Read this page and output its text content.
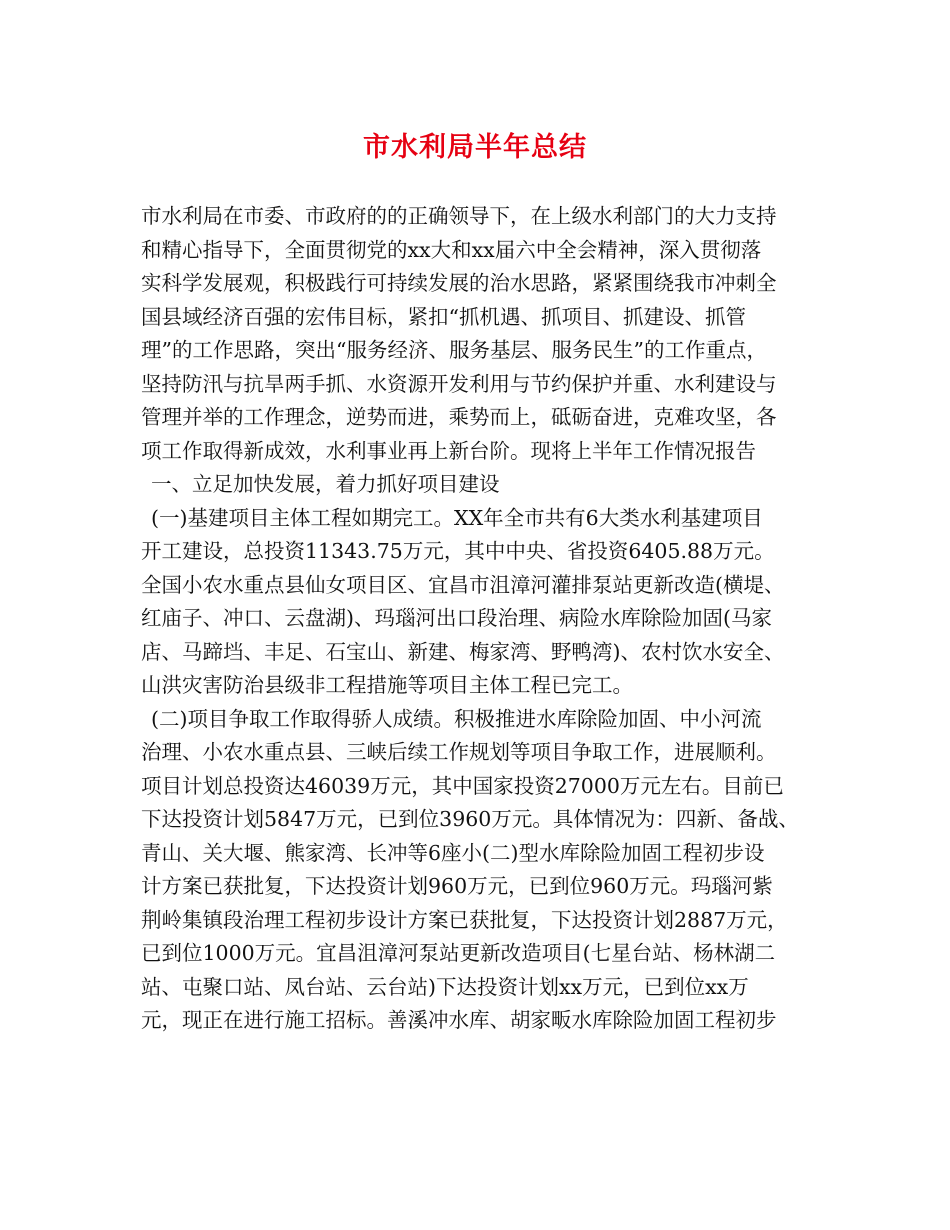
市水利局半年总结
市水利局在市委、市政府的的正确领导下，在上级水利部门的大力支持
和精心指导下，全面贯彻党的xx大和xx届六中全会精神，深入贯彻落
实科学发展观，积极践行可持续发展的治水思路，紧紧围绕我市冲刺全
国县域经济百强的宏伟目标，紧扣“抓机遇、抓项目、抓建设、抓管
理”的工作思路，突出“服务经济、服务基层、服务民生”的工作重点，
坚持防汛与抗旱两手抓、水资源开发利用与节约保护并重、水利建设与
管理并举的工作理念，逆势而进，乘势而上，砥砺奋进，克难攻坚，各
项工作取得新成效，水利事业再上新台阶。现将上半年工作情况报告
一、立足加快发展，着力抓好项目建设
(一)基建项目主体工程如期完工。XX年全市共有6大类水利基建项目
开工建设，总投资11343.75万元，其中中央、省投资6405.88万元。
全国小农水重点县仙女项目区、宜昌市沮漳河灌排泵站更新改造(横堤、
红庙子、冲口、云盘湖)、玛瑙河出口段治理、病险水库除险加固(马家
店、马蹄垱、丰足、石宝山、新建、梅家湾、野鸭湾)、农村饮水安全、
山洪灾害防治县级非工程措施等项目主体工程已完工。
(二)项目争取工作取得骄人成绩。积极推进水库除险加固、中小河流
治理、小农水重点县、三峡后续工作规划等项目争取工作，进展顺利。
项目计划总投资达46039万元，其中国家投资27000万元左右。目前已
下达投资计划5847万元，已到位3960万元。具体情况为：四新、备战、
青山、关大堰、熊家湾、长冲等6座小(二)型水库除险加固工程初步设
计方案已获批复，下达投资计划960万元，已到位960万元。玛瑙河紫
荆岭集镇段治理工程初步设计方案已获批复，下达投资计划2887万元，
已到位1000万元。宜昌沮漳河泵站更新改造项目(七星台站、杨林湖二
站、屯聚口站、凤台站、云台站)下达投资计划xx万元，已到位xx万
元，现正在进行施工招标。善溪冲水库、胡家畈水库除险加固工程初步
